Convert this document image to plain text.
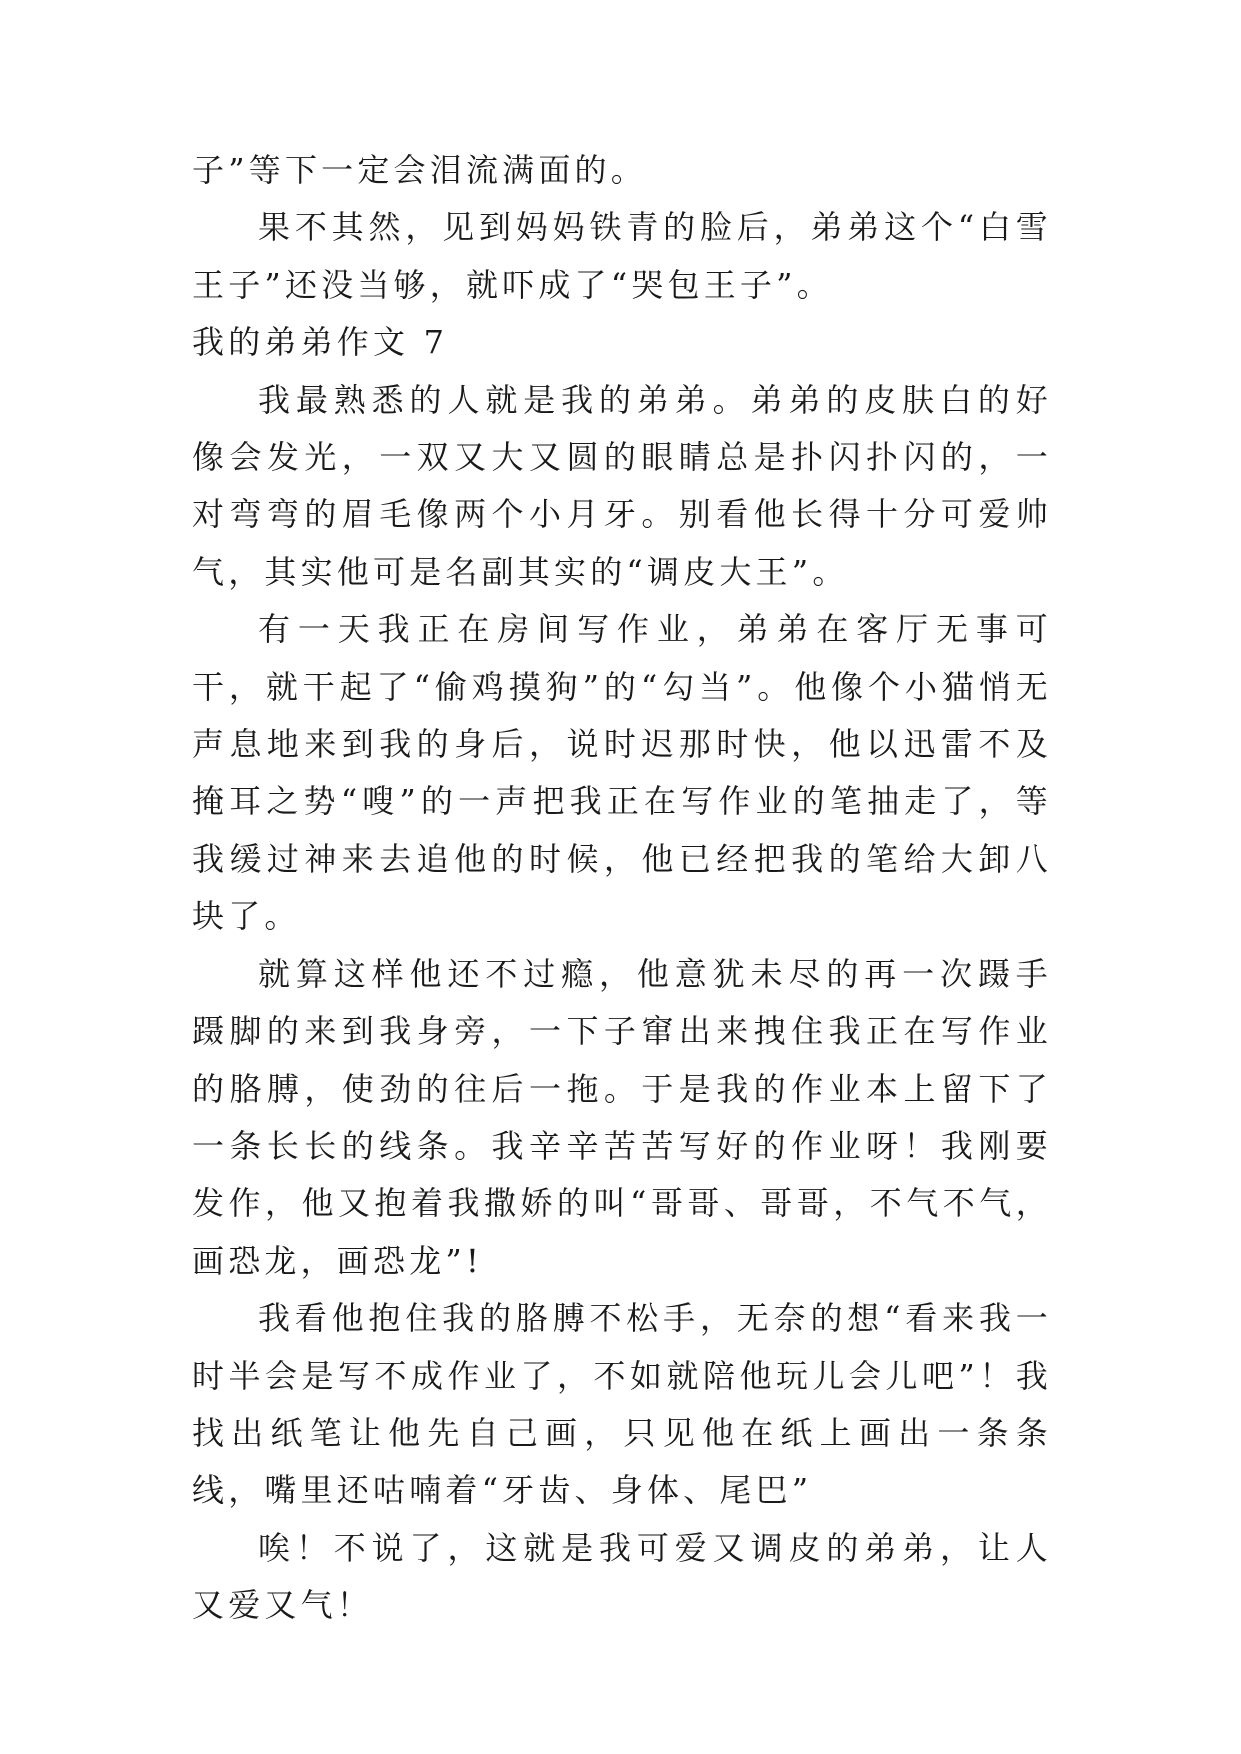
子”等下一定会泪流满面的。

果不其然，见到妈妈铁青的脸后，弟弟这个“白雪王子”还没当够，就吓成了“哭包王子”。

我的弟弟作文 7

我最熟悉的人就是我的弟弟。弟弟的皮肤白的好像会发光，一双又大又圆的眼睛总是扑闪扑闪的，一对弯弯的眉毛像两个小月牙。别看他长得十分可爱帅气，其实他可是名副其实的“调皮大王”。

有一天我正在房间写作业，弟弟在客厅无事可干，就干起了“偷鸡摸狗”的“勾当”。他像个小猫悄无声息地来到我的身后，说时迟那时快，他以迅雷不及掩耳之势“嗖”的一声把我正在写作业的笔抽走了，等我缓过神来去追他的时候，他已经把我的笔给大卸八块了。

就算这样他还不过瘾，他意犹未尽的再一次蹑手蹑脚的来到我身旁，一下子窜出来拽住我正在写作业的胳膊，使劲的往后一拖。于是我的作业本上留下了一条长长的线条。我辛辛苦苦写好的作业呀！我刚要发作，他又抱着我撒娇的叫“哥哥、哥哥，不气不气，画恐龙，画恐龙”!

我看他抱住我的胳膊不松手，无奈的想“看来我一时半会是写不成作业了，不如就陪他玩儿会儿吧”！我找出纸笔让他先自己画，只见他在纸上画出一条条线，嘴里还咕喃着“牙齿、身体、尾巴”

唉！不说了，这就是我可爱又调皮的弟弟，让人又爱又气！
